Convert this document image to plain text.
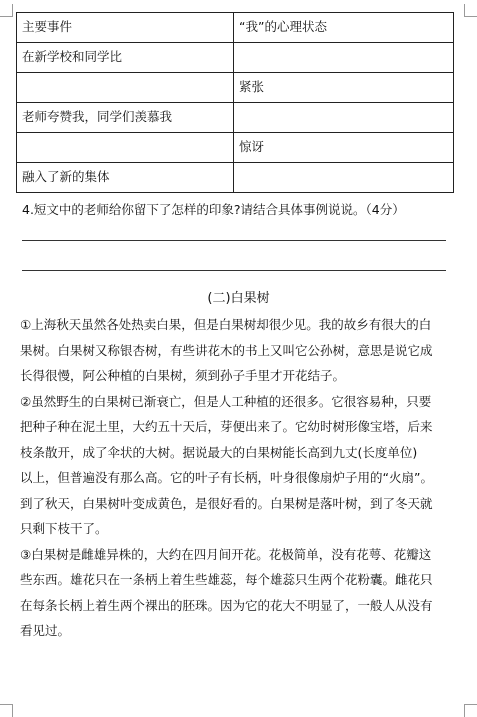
主要事件	“我”的心理状态
在新学校和同学比	
	紧张
老师夸赞我，同学们羡慕我	
	惊讶
融入了新的集体	
4.短文中的老师给你留下了怎样的印象?请结合具体事例说说。（4分）
(二)白果树

①上海秋天虽然各处热卖白果，但是白果树却很少见。我的故乡有很大的白

果树。白果树又称银杏树，有些讲花木的书上又叫它公孙树，意思是说它成

长得很慢，阿公种植的白果树，须到孙子手里才开花结子。

②虽然野生的白果树已渐衰亡，但是人工种植的还很多。它很容易种，只要

把种子种在泥土里，大约五十天后，芽便出来了。它幼时树形像宝塔，后来

枝条散开，成了伞状的大树。据说最大的白果树能长高到九丈(长度单位)

以上，但普遍没有那么高。它的叶子有长柄，叶身很像扇炉子用的“火扇”。

到了秋天，白果树叶变成黄色，是很好看的。白果树是落叶树，到了冬天就

只剩下枝干了。

③白果树是雌雄异株的，大约在四月间开花。花极简单，没有花萼、花瓣这

些东西。雄花只在一条柄上着生些雄蕊，每个雄蕊只生两个花粉囊。雌花只

在每条长柄上着生两个裸出的胚珠。因为它的花大不明显了，一般人从没有

看见过。
